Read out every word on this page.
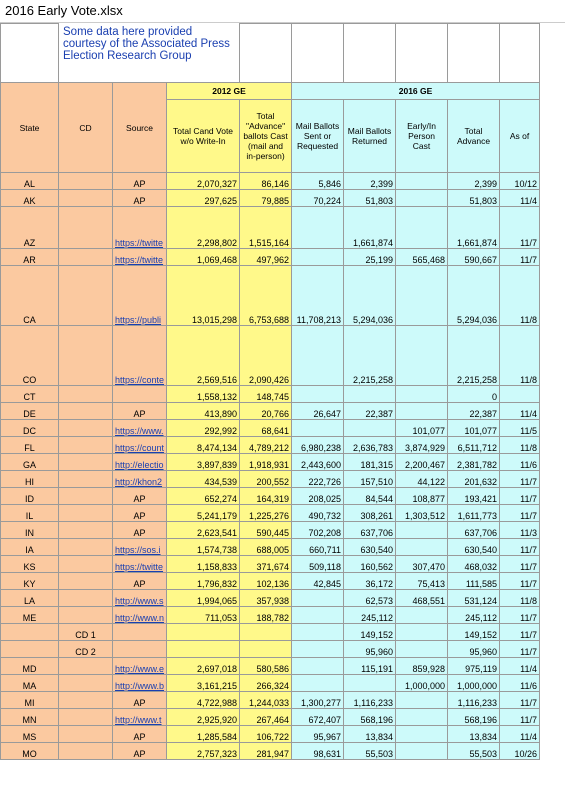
2016 Early Vote.xlsx
	Some data here provided courtesy of the Associated Press Election Research Group								

State	CD	Source	2012 GE		2016 GE				

			Total Cand Vote w/o Write-In	Total "Advance" ballots Cast (mail and in-person)	Mail Ballots Sent or Requested	Mail Ballots Returned	Early/In Person Cast	Total Advance	As of

AL		AP	2,070,327	86,146	5,846	2,399		2,399	10/12
AK		AP	297,625	79,885	70,224	51,803		51,803	11/4
AZ		https://twitte	2,298,802	1,515,164		1,661,874		1,661,874	11/7
AR		https://twitte	1,069,468	497,962		25,199	565,468	590,667	11/7
CA		https://publi	13,015,298	6,753,688	11,708,213	5,294,036		5,294,036	11/8
CO		https://conte	2,569,516	2,090,426		2,215,258		2,215,258	11/8
CT			1,558,132	148,745				0	
DE		AP	413,890	20,766	26,647	22,387		22,387	11/4
DC		https://www.	292,992	68,641			101,077	101,077	11/5
FL		https://count	8,474,134	4,789,212	6,980,238	2,636,783	3,874,929	6,511,712	11/8
GA		http://electio	3,897,839	1,918,931	2,443,600	181,315	2,200,467	2,381,782	11/6
HI		http://khon2	434,539	200,552	222,726	157,510	44,122	201,632	11/7
ID		AP	652,274	164,319	208,025	84,544	108,877	193,421	11/7
IL		AP	5,241,179	1,225,276	490,732	308,261	1,303,512	1,611,773	11/7
IN		AP	2,623,541	590,445	702,208	637,706		637,706	11/3
IA		https://sos.i	1,574,738	688,005	660,711	630,540		630,540	11/7
KS		https://twitte	1,158,833	371,674	509,118	160,562	307,470	468,032	11/7
KY		AP	1,796,832	102,136	42,845	36,172	75,413	111,585	11/7
LA		http://www.s	1,994,065	357,938		62,573	468,551	531,124	11/8
ME		http://www.n	711,053	188,782		245,112		245,112	11/7
	CD 1					149,152		149,152	11/7
	CD 2					95,960		95,960	11/7
MD		http://www.e	2,697,018	580,586		115,191	859,928	975,119	11/4
MA		http://www.b	3,161,215	266,324			1,000,000	1,000,000	11/6
MI		AP	4,722,988	1,244,033	1,300,277	1,116,233		1,116,233	11/7
MN		http://www.t	2,925,920	267,464	672,407	568,196		568,196	11/7
MS		AP	1,285,584	106,722	95,967	13,834		13,834	11/4
MO		AP	2,757,323	281,947	98,631	55,503		55,503	10/26
